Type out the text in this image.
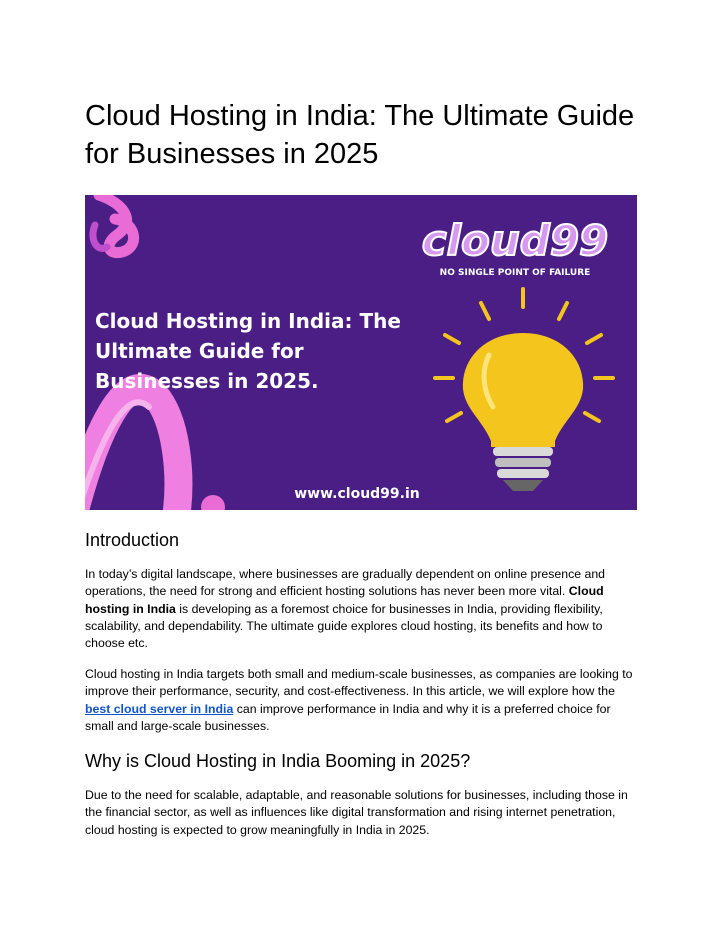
Cloud Hosting in India: The Ultimate Guide for Businesses in 2025
cloud99
NO SINGLE POINT OF FAILURE
Cloud Hosting in India: The
Ultimate Guide for
Businesses in 2025.
www.cloud99.in
Introduction

In today’s digital landscape, where businesses are gradually dependent on online presence and operations, the need for strong and efficient hosting solutions has never been more vital. Cloud hosting in India is developing as a foremost choice for businesses in India, providing flexibility, scalability, and dependability. The ultimate guide explores cloud hosting, its benefits and how to choose etc.

Cloud hosting in India targets both small and medium-scale businesses, as companies are looking to improve their performance, security, and cost-effectiveness. In this article, we will explore how the best cloud server in India can improve performance in India and why it is a preferred choice for small and large-scale businesses.

Why is Cloud Hosting in India Booming in 2025?

Due to the need for scalable, adaptable, and reasonable solutions for businesses, including those in the financial sector, as well as influences like digital transformation and rising internet penetration, cloud hosting is expected to grow meaningfully in India in 2025.
